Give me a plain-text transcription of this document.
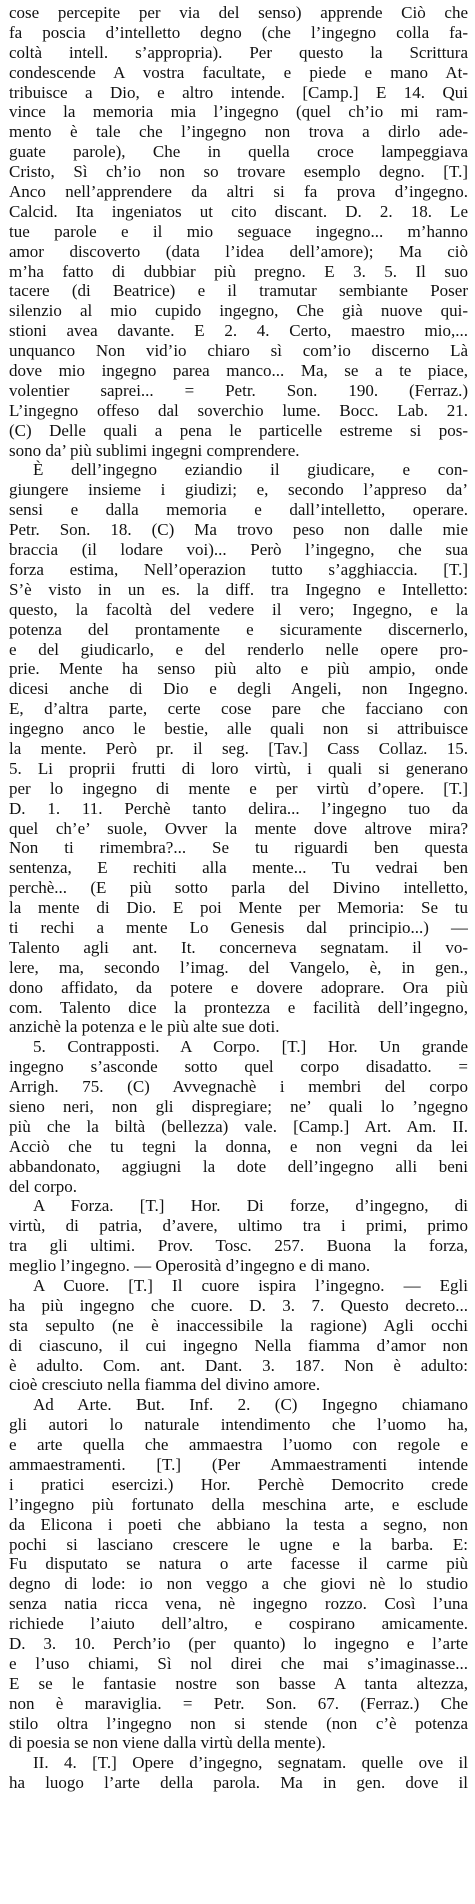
cose percepite per via del senso) apprende Ciò che
fa poscia d’intelletto degno (che l’ingegno colla fa-
coltà intell. s’appropria). Per questo la Scrittura
condescende A vostra facultate, e piede e mano At-
tribuisce a Dio, e altro intende. [Camp.] E 14. Qui
vince la memoria mia l’ingegno (quel ch’io mi ram-
mento è tale che l’ingegno non trova a dirlo ade-
guate parole), Che in quella croce lampeggiava
Cristo, Sì ch’io non so trovare esemplo degno. [T.]
Anco nell’apprendere da altri si fa prova d’ingegno.
Calcid. Ita ingeniatos ut cito discant. D. 2. 18. Le
tue parole e il mio seguace ingegno... m’hanno
amor discoverto (data l’idea dell’amore); Ma ciò
m’ha fatto di dubbiar più pregno. E 3. 5. Il suo
tacere (di Beatrice) e il tramutar sembiante Poser
silenzio al mio cupido ingegno, Che già nuove qui-
stioni avea davante. E 2. 4. Certo, maestro mio,...
unquanco Non vid’io chiaro sì com’io discerno Là
dove mio ingegno parea manco... Ma, se a te piace,
volentier saprei... = Petr. Son. 190. (Ferraz.)
L’ingegno offeso dal soverchio lume. Bocc. Lab. 21.
(C) Delle quali a pena le particelle estreme si pos-
sono da’ più sublimi ingegni comprendere.
È dell’ingegno eziandio il giudicare, e con-
giungere insieme i giudizi; e, secondo l’appreso da’
sensi e dalla memoria e dall’intelletto, operare.
Petr. Son. 18. (C) Ma trovo peso non dalle mie
braccia (il lodare voi)... Però l’ingegno, che sua
forza estima, Nell’operazion tutto s’agghiaccia. [T.]
S’è visto in un es. la diff. tra Ingegno e Intelletto:
questo, la facoltà del vedere il vero; Ingegno, e la
potenza del prontamente e sicuramente discernerlo,
e del giudicarlo, e del renderlo nelle opere pro-
prie. Mente ha senso più alto e più ampio, onde
dicesi anche di Dio e degli Angeli, non Ingegno.
E, d’altra parte, certe cose pare che facciano con
ingegno anco le bestie, alle quali non si attribuisce
la mente. Però pr. il seg. [Tav.] Cass Collaz. 15.
5. Li proprii frutti di loro virtù, i quali si generano
per lo ingegno di mente e per virtù d’opere. [T.]
D. 1. 11. Perchè tanto delira... l’ingegno tuo da
quel ch’e’ suole, Ovver la mente dove altrove mira?
Non ti rimembra?... Se tu riguardi ben questa
sentenza, E rechiti alla mente... Tu vedrai ben
perchè... (E più sotto parla del Divino intelletto,
la mente di Dio. E poi Mente per Memoria: Se tu
ti rechi a mente Lo Genesis dal principio...) —
Talento agli ant. It. concerneva segnatam. il vo-
lere, ma, secondo l’imag. del Vangelo, è, in gen.,
dono affidato, da potere e dovere adoprare. Ora più
com. Talento dice la prontezza e facilità dell’ingegno,
anzichè la potenza e le più alte sue doti.
5. Contrapposti. A Corpo. [T.] Hor. Un grande
ingegno s’asconde sotto quel corpo disadatto. =
Arrigh. 75. (C) Avvegnachè i membri del corpo
sieno neri, non gli dispregiare; ne’ quali lo ’ngegno
più che la biltà (bellezza) vale. [Camp.] Art. Am. II.
Acciò che tu tegni la donna, e non vegni da lei
abbandonato, aggiugni la dote dell’ingegno alli beni
del corpo.
A Forza. [T.] Hor. Di forze, d’ingegno, di
virtù, di patria, d’avere, ultimo tra i primi, primo
tra gli ultimi. Prov. Tosc. 257. Buona la forza,
meglio l’ingegno. — Operosità d’ingegno e di mano.
A Cuore. [T.] Il cuore ispira l’ingegno. — Egli
ha più ingegno che cuore. D. 3. 7. Questo decreto...
sta sepulto (ne è inaccessibile la ragione) Agli occhi
di ciascuno, il cui ingegno Nella fiamma d’amor non
è adulto. Com. ant. Dant. 3. 187. Non è adulto:
cioè cresciuto nella fiamma del divino amore.
Ad Arte. But. Inf. 2. (C) Ingegno chiamano
gli autori lo naturale intendimento che l’uomo ha,
e arte quella che ammaestra l’uomo con regole e
ammaestramenti. [T.] (Per Ammaestramenti intende
i pratici esercizi.) Hor. Perchè Democrito crede
l’ingegno più fortunato della meschina arte, e esclude
da Elicona i poeti che abbiano la testa a segno, non
pochi si lasciano crescere le ugne e la barba. E:
Fu disputato se natura o arte facesse il carme più
degno di lode: io non veggo a che giovi nè lo studio
senza natia ricca vena, nè ingegno rozzo. Così l’una
richiede l’aiuto dell’altro, e cospirano amicamente.
D. 3. 10. Perch’io (per quanto) lo ingegno e l’arte
e l’uso chiami, Sì nol direi che mai s’imaginasse...
E se le fantasie nostre son basse A tanta altezza,
non è maraviglia. = Petr. Son. 67. (Ferraz.) Che
stilo oltra l’ingegno non si stende (non c’è potenza
di poesia se non viene dalla virtù della mente).
II. 4. [T.] Opere d’ingegno, segnatam. quelle ove il
ha luogo l’arte della parola. Ma in gen. dove il
